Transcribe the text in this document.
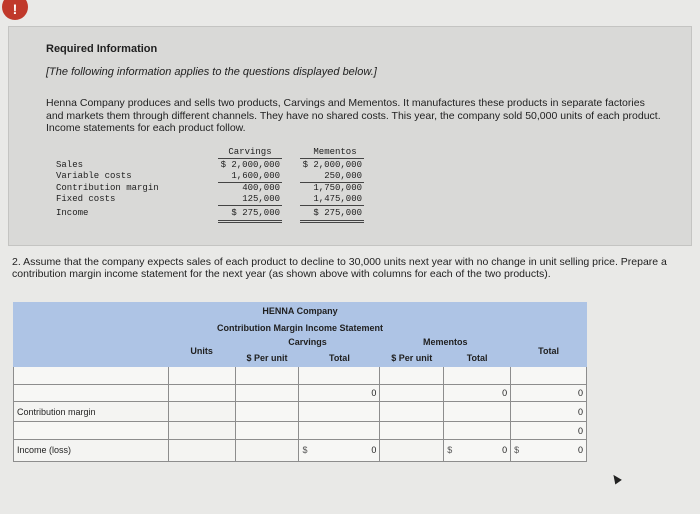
!
Required Information
[The following information applies to the questions displayed below.]
Henna Company produces and sells two products, Carvings and Mementos. It manufactures these products in separate factories and markets them through different channels. They have no shared costs. This year, the company sold 50,000 units of each product. Income statements for each product follow.
Carvings	Mementos
Sales	$ 2,000,000	$ 2,000,000
Variable costs	1,600,000	250,000
Contribution margin	400,000	1,750,000
Fixed costs	125,000	1,475,000
Income	$ 275,000	$ 275,000
2. Assume that the company expects sales of each product to decline to 30,000 units next year with no change in unit selling price. Prepare a contribution margin income statement for the next year (as shown above with columns for each of the two products).
HENNA Company						
Contribution Margin Income Statement						
	Units	Carvings		Mementos		Total
		$ Per unit	Total	$ Per unit	Total	

			0		0	0
Contribution margin						0
						0
Income (loss)			$ 0		$ 0	$ 0
